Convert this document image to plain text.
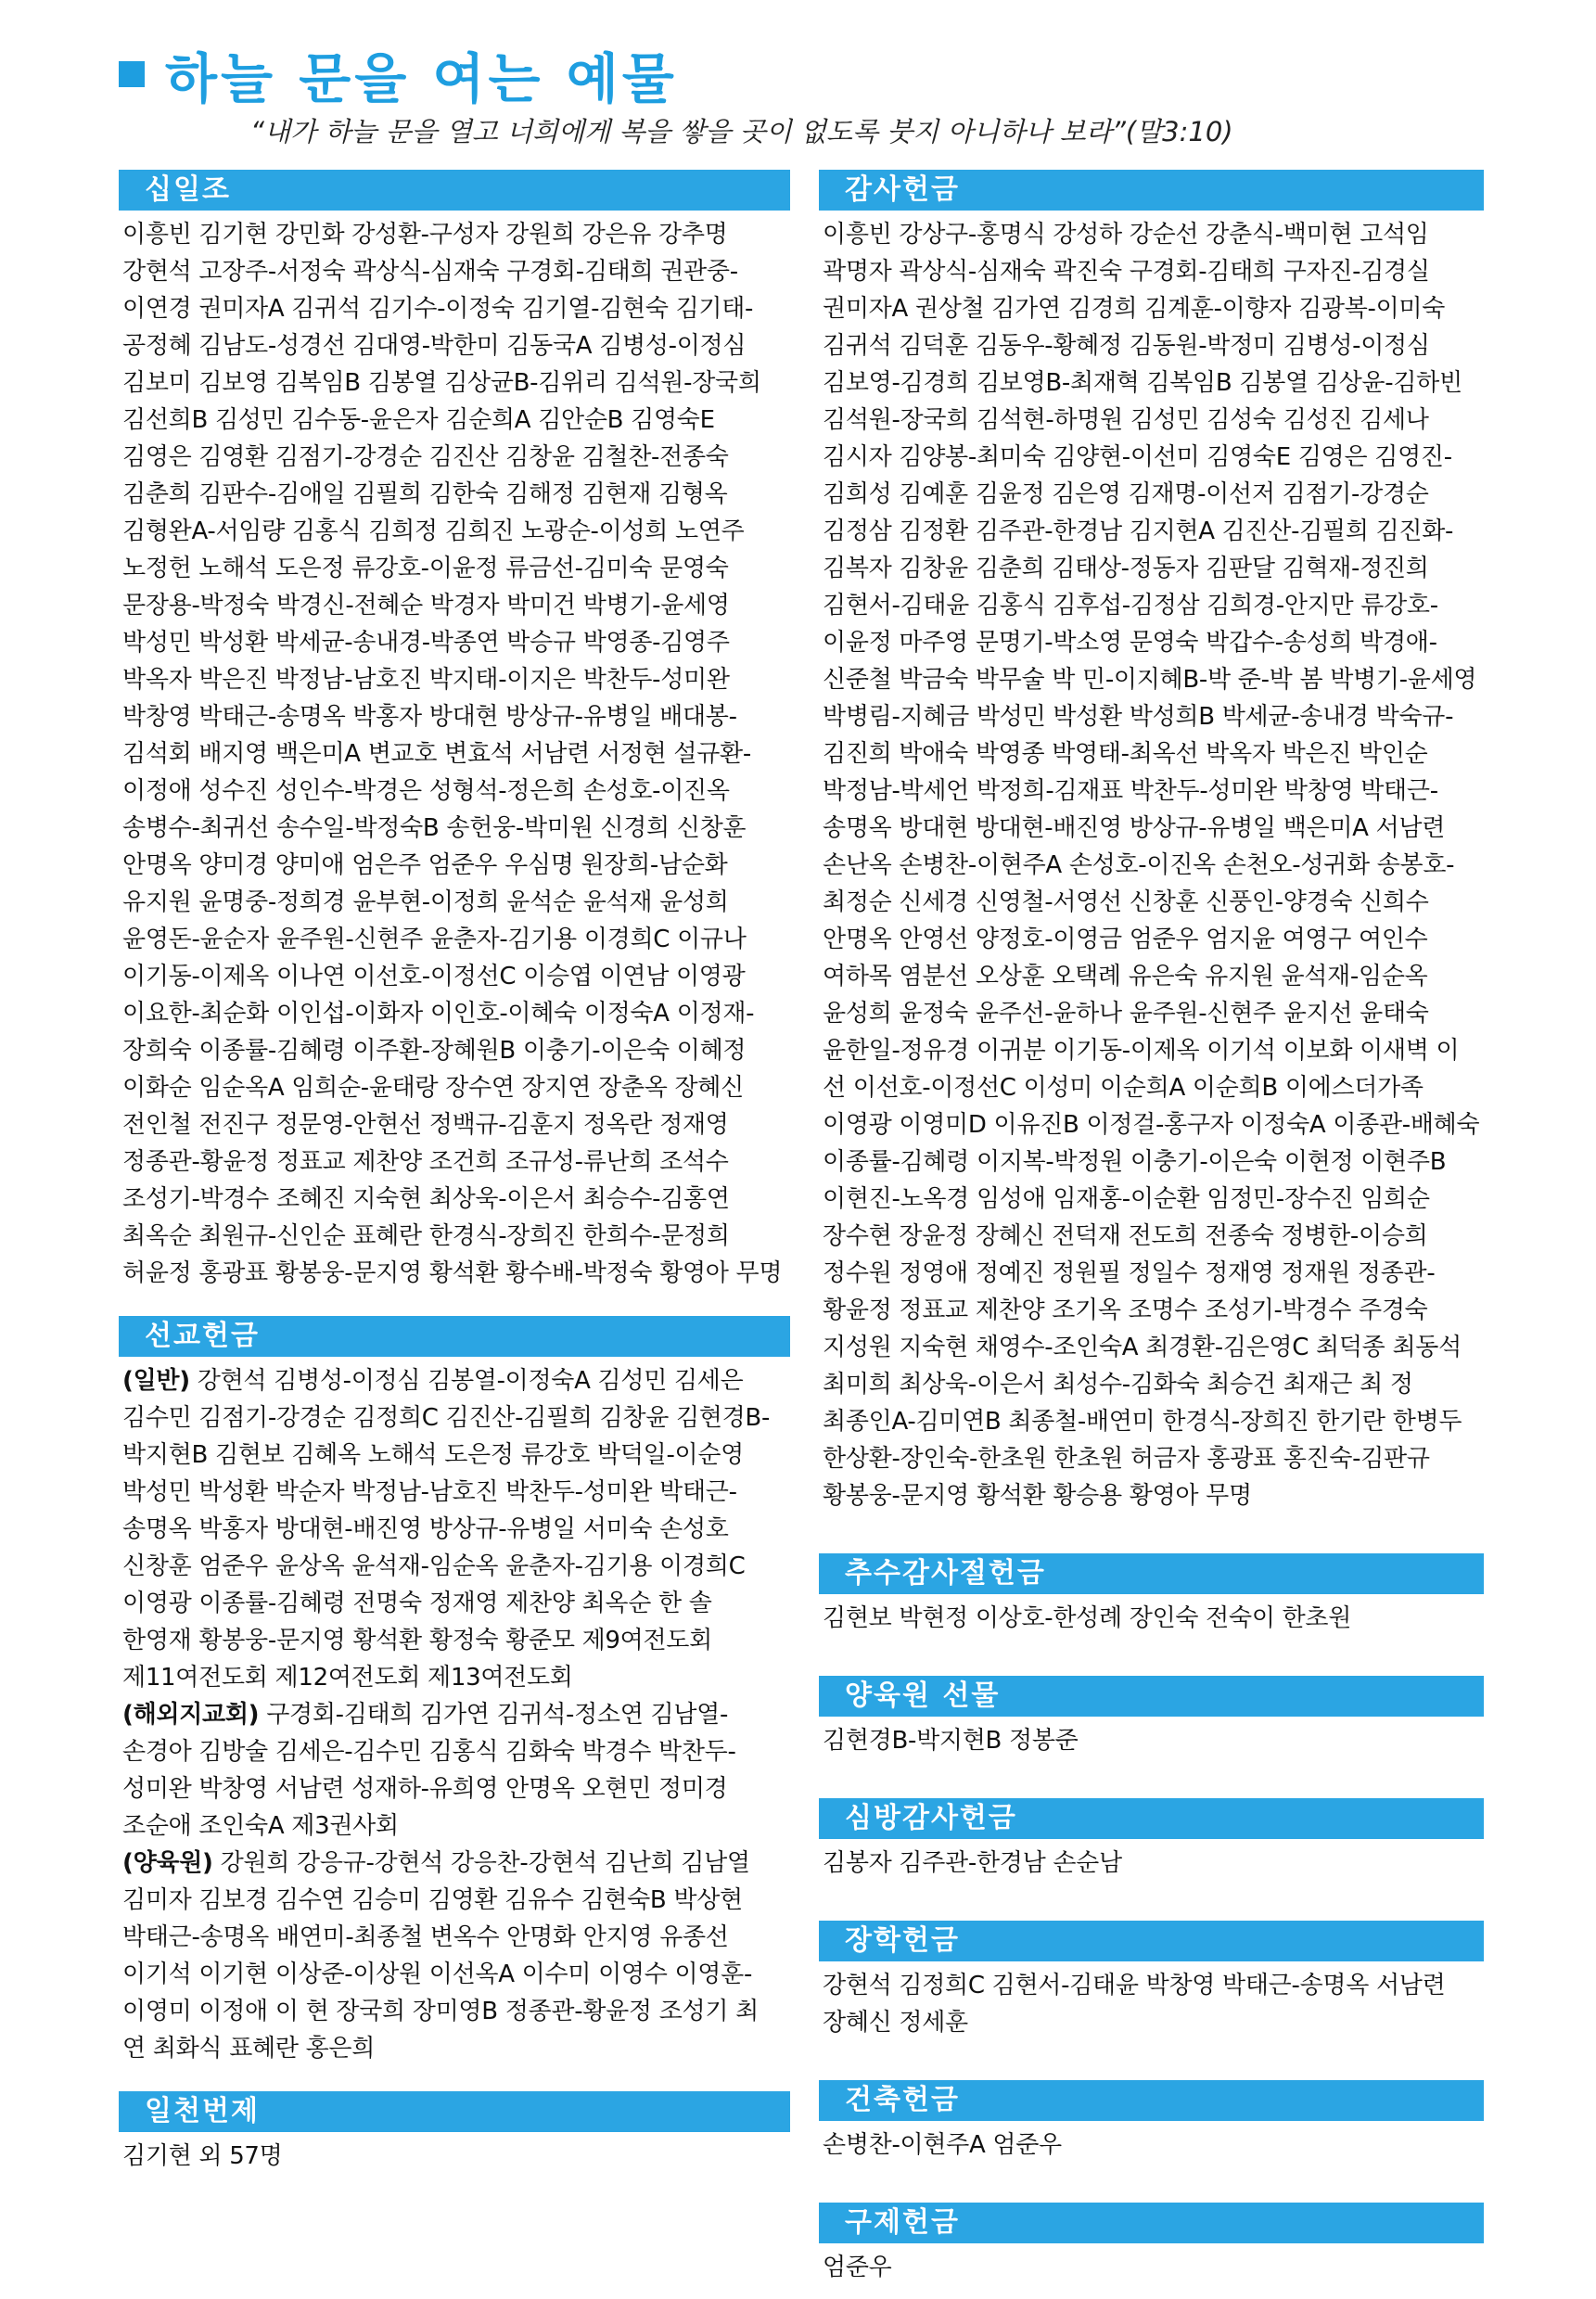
하늘 문을 여는 예물
“내가 하늘 문을 열고 너희에게 복을 쌓을 곳이 없도록 붓지 아니하나 보라”(말3:10)
십일조
이흥빈 김기현 강민화 강성환-구성자 강원희 강은유 강추명 강현석 고장주-서정숙 곽상식-심재숙 구경회-김태희 권관중-이연경 권미자A 김귀석 김기수-이정숙 김기열-김현숙 김기태-공정혜 김남도-성경선 김대영-박한미 김동국A 김병성-이정심 김보미 김보영 김복임B 김봉열 김상균B-김위리 김석원-장국희 김선희B 김성민 김수동-윤은자 김순희A 김안순B 김영숙E 김영은 김영환 김점기-강경순 김진산 김창윤 김철찬-전종숙 김춘희 김판수-김애일 김필희 김한숙 김해정 김현재 김형옥 김형완A-서임량 김홍식 김희정 김희진 노광순-이성희 노연주 노정헌 노해석 도은정 류강호-이윤정 류금선-김미숙 문영숙 문장용-박정숙 박경신-전혜순 박경자 박미건 박병기-윤세영 박성민 박성환 박세균-송내경-박종연 박승규 박영종-김영주 박옥자 박은진 박정남-남호진 박지태-이지은 박찬두-성미완 박창영 박태근-송명옥 박홍자 방대현 방상규-유병일 배대봉-김석회 배지영 백은미A 변교호 변효석 서남련 서정현 설규환-이정애 성수진 성인수-박경은 성형석-정은희 손성호-이진옥 송병수-최귀선 송수일-박정숙B 송헌웅-박미원 신경희 신창훈 안명옥 양미경 양미애 엄은주 엄준우 우심명 원장희-남순화 유지원 윤명중-정희경 윤부현-이정희 윤석순 윤석재 윤성희 윤영돈-윤순자 윤주원-신현주 윤춘자-김기용 이경희C 이규나 이기동-이제옥 이나연 이선호-이정선C 이승엽 이연남 이영광 이요한-최순화 이인섭-이화자 이인호-이혜숙 이정숙A 이정재-장희숙 이종률-김혜령 이주환-장혜원B 이충기-이은숙 이혜정 이화순 임순옥A 임희순-윤태랑 장수연 장지연 장춘옥 장혜신 전인철 전진구 정문영-안현선 정백규-김훈지 정옥란 정재영 정종관-황윤정 정표교 제찬양 조건희 조규성-류난희 조석수 조성기-박경수 조혜진 지숙현 최상욱-이은서 최승수-김홍연 최옥순 최원규-신인순 표혜란 한경식-장희진 한희수-문정희 허윤정 홍광표 황봉웅-문지영 황석환 황수배-박정숙 황영아 무명
선교헌금

(일반) 강현석 김병성-이정심 김봉열-이정숙A 김성민 김세은 김수민 김점기-강경순 김정희C 김진산-김필희 김창윤 김현경B-박지현B 김현보 김혜옥 노해석 도은정 류강호 박덕일-이순영 박성민 박성환 박순자 박정남-남호진 박찬두-성미완 박태근-송명옥 박홍자 방대현-배진영 방상규-유병일 서미숙 손성호 신창훈 엄준우 윤상옥 윤석재-임순옥 윤춘자-김기용 이경희C 이영광 이종률-김혜령 전명숙 정재영 제찬양 최옥순 한 솔 한영재 황봉웅-문지영 황석환 황정숙 황준모 제9여전도회 제11여전도회 제12여전도회 제13여전도회

(해외지교회) 구경회-김태희 김가연 김귀석-정소연 김남열-손경아 김방술 김세은-김수민 김홍식 김화숙 박경수 박찬두-성미완 박창영 서남련 성재하-유희영 안명옥 오현민 정미경 조순애 조인숙A 제3권사회

(양육원) 강원희 강응규-강현석 강응찬-강현석 김난희 김남열 김미자 김보경 김수연 김승미 김영환 김유수 김현숙B 박상현 박태근-송명옥 배연미-최종철 변옥수 안명화 안지영 유종선 이기석 이기현 이상준-이상원 이선옥A 이수미 이영수 이영훈-이영미 이정애 이 현 장국희 장미영B 정종관-황윤정 조성기 최 연 최화식 표혜란 홍은희

일천번제
김기현 외 57명
감사헌금
이흥빈 강상구-홍명식 강성하 강순선 강춘식-백미현 고석임 곽명자 곽상식-심재숙 곽진숙 구경회-김태희 구자진-김경실 권미자A 권상철 김가연 김경희 김계훈-이향자 김광복-이미숙 김귀석 김덕훈 김동우-황혜정 김동원-박정미 김병성-이정심 김보영-김경희 김보영B-최재혁 김복임B 김봉열 김상윤-김하빈 김석원-장국희 김석현-하명원 김성민 김성숙 김성진 김세나 김시자 김양봉-최미숙 김양현-이선미 김영숙E 김영은 김영진-김희성 김예훈 김윤정 김은영 김재명-이선저 김점기-강경순 김정삼 김정환 김주관-한경남 김지현A 김진산-김필희 김진화-김복자 김창윤 김춘희 김태상-정동자 김판달 김혁재-정진희 김현서-김태윤 김홍식 김후섭-김정삼 김희경-안지만 류강호-이윤정 마주영 문명기-박소영 문영숙 박갑수-송성희 박경애-신준철 박금숙 박무술 박 민-이지혜B-박 준-박 봄 박병기-윤세영 박병림-지혜금 박성민 박성환 박성희B 박세균-송내경 박숙규-김진희 박애숙 박영종 박영태-최옥선 박옥자 박은진 박인순 박정남-박세언 박정희-김재표 박찬두-성미완 박창영 박태근-송명옥 방대현 방대현-배진영 방상규-유병일 백은미A 서남련 손난옥 손병찬-이현주A 손성호-이진옥 손천오-성귀화 송봉호-최정순 신세경 신영철-서영선 신창훈 신풍인-양경숙 신희수 안명옥 안영선 양정호-이영금 엄준우 엄지윤 여영구 여인수 여하목 염분선 오상훈 오택례 유은숙 유지원 윤석재-임순옥 윤성희 윤정숙 윤주선-윤하나 윤주원-신현주 윤지선 윤태숙 윤한일-정유경 이귀분 이기동-이제옥 이기석 이보화 이새벽 이 선 이선호-이정선C 이성미 이순희A 이순희B 이에스더가족 이영광 이영미D 이유진B 이정걸-홍구자 이정숙A 이종관-배혜숙 이종률-김혜령 이지복-박정원 이충기-이은숙 이현정 이현주B 이현진-노옥경 임성애 임재홍-이순환 임정민-장수진 임희순 장수현 장윤정 장혜신 전덕재 전도희 전종숙 정병한-이승희 정수원 정영애 정예진 정원필 정일수 정재영 정재원 정종관-황윤정 정표교 제찬양 조기옥 조명수 조성기-박경수 주경숙 지성원 지숙현 채영수-조인숙A 최경환-김은영C 최덕종 최동석 최미희 최상욱-이은서 최성수-김화숙 최승건 최재근 최 정 최종인A-김미연B 최종철-배연미 한경식-장희진 한기란 한병두 한상환-장인숙-한초원 한초원 허금자 홍광표 홍진숙-김판규 황봉웅-문지영 황석환 황승용 황영아 무명
추수감사절헌금
김현보 박현정 이상호-한성례 장인숙 전숙이 한초원
양육원 선물
김현경B-박지현B 정봉준
심방감사헌금
김봉자 김주관-한경남 손순남
장학헌금
강현석 김정희C 김현서-김태윤 박창영 박태근-송명옥 서남련 장혜신 정세훈
건축헌금
손병찬-이현주A 엄준우
구제헌금
엄준우
